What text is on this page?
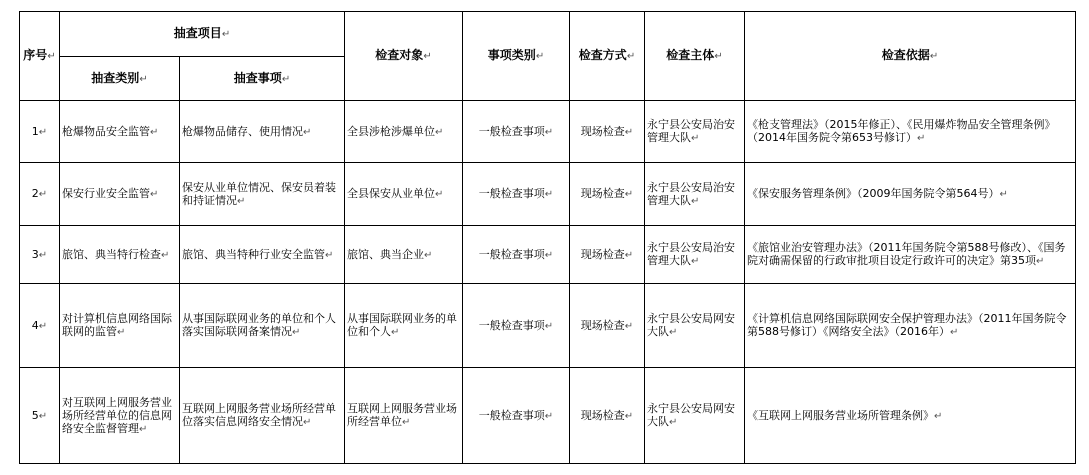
序号↵	抽查项目↵		检查对象↵	事项类别↵	检查方式↵	检查主体↵	检查依据↵
	抽查类别↵	抽查事项↵					
1↵	枪爆物品安全监管↵	枪爆物品储存、使用情况↵	全县涉枪涉爆单位↵	一般检查事项↵	现场检查↵	永宁县公安局治安管理大队↵	《枪支管理法》（2015年修正）、《民用爆炸物品安全管理条例》（2014年国务院令第653号修订）↵
2↵	保安行业安全监管↵	保安从业单位情况、保安员着装和持证情况↵	全县保安从业单位↵	一般检查事项↵	现场检查↵	永宁县公安局治安管理大队↵	《保安服务管理条例》（2009年国务院令第564号）↵
3↵	旅馆、典当特行检查↵	旅馆、典当特种行业安全监管↵	旅馆、典当企业↵	一般检查事项↵	现场检查↵	永宁县公安局治安管理大队↵	《旅馆业治安管理办法》（2011年国务院令第588号修改）、《国务院对确需保留的行政审批项目设定行政许可的决定》第35项↵
4↵	对计算机信息网络国际联网的监管↵	从事国际联网业务的单位和个人落实国际联网备案情况↵	从事国际联网业务的单位和个人↵	一般检查事项↵	现场检查↵	永宁县公安局网安大队↵	《计算机信息网络国际联网安全保护管理办法》（2011年国务院令第588号修订）《网络安全法》（2016年）↵
5↵	对互联网上网服务营业场所经营单位的信息网络安全监督管理↵	互联网上网服务营业场所经营单位落实信息网络安全情况↵	互联网上网服务营业场所经营单位↵	一般检查事项↵	现场检查↵	永宁县公安局网安大队↵	《互联网上网服务营业场所管理条例》↵
